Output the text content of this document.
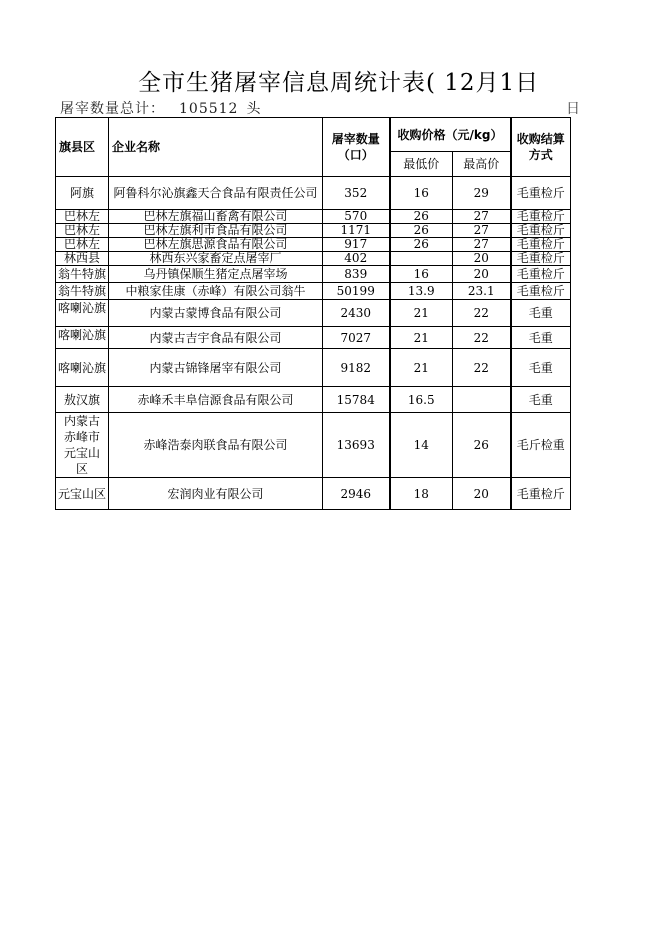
全市生猪屠宰信息周统计表( 12月1日
屠宰数量总计： 105512 头	日
旗县区	企业名称	屠宰数量（口）	收购价格（元/kg）		收购结算方式
			最低价	最高价	
阿旗	阿鲁科尔沁旗鑫天合食品有限责任公司	352	16	29	毛重检斤
巴林左	巴林左旗福山畜禽有限公司	570	26	27	毛重检斤
巴林左	巴林左旗利市食品有限公司	1171	26	27	毛重检斤
巴林左	巴林左旗思源食品有限公司	917	26	27	毛重检斤
林西县	林西东兴家畜定点屠宰厂	402		20	毛重检斤
翁牛特旗	乌丹镇保顺生猪定点屠宰场	839	16	20	毛重检斤
翁牛特旗	中粮家佳康（赤峰）有限公司翁牛	50199	13.9	23.1	毛重检斤

喀喇沁旗	内蒙古蒙博食品有限公司	2430	21	22	毛重

喀喇沁旗	内蒙古吉宇食品有限公司	7027	21	22	毛重
喀喇沁旗	内蒙古锦锋屠宰有限公司	9182	21	22	毛重
敖汉旗	赤峰禾丰阜信源食品有限公司	15784	16.5		毛重
内蒙古赤峰市元宝山区	赤峰浩泰肉联食品有限公司	13693	14	26	毛斤检重
元宝山区	宏润肉业有限公司	2946	18	20	毛重检斤
